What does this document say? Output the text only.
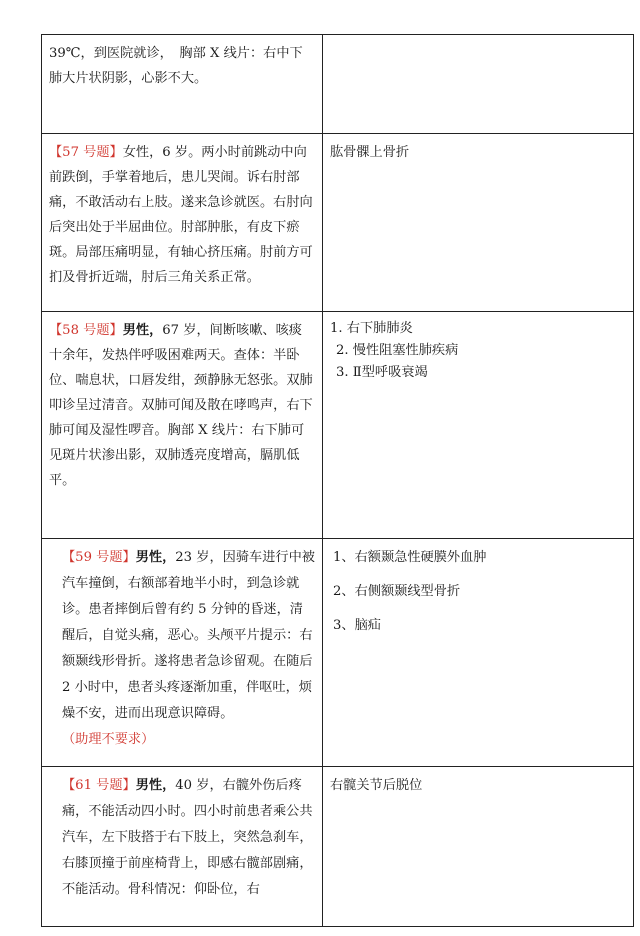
39℃，到医院就诊，　胸部 X 线片：右中下肺大片状阴影，心影不大。	
【57 号题】女性，6 岁。两小时前跳动中向前跌倒，手掌着地后，患儿哭闹。诉右肘部痛，不敢活动右上肢。遂来急诊就医。右肘向后突出处于半屈曲位。肘部肿胀，有皮下瘀斑。局部压痛明显，有轴心挤压痛。肘前方可扪及骨折近端，肘后三角关系正常。	肱骨髁上骨折

【58 号题】男性，67 岁，间断咳嗽、咳痰十余年，发热伴呼吸困难两天。查体：半卧位、喘息状，口唇发绀，颈静脉无怒张。双肺叩诊呈过清音。双肺可闻及散在哮鸣声，右下肺可闻及湿性啰音。胸部 X 线片：右下肺可见斑片状渗出影，双肺透亮度增高，膈肌低平。	1. 右下肺肺炎
2. 慢性阻塞性肺疾病
3. Ⅱ型呼吸衰竭

【59 号题】男性，23 岁，因骑车进行中被汽车撞倒，右额部着地半小时，到急诊就诊。患者摔倒后曾有约 5 分钟的昏迷，清醒后，自觉头痛，恶心。头颅平片提示：右额颞线形骨折。遂将患者急诊留观。在随后 2 小时中，患者头疼逐渐加重，伴呕吐，烦燥不安，进而出现意识障碍。（助理不要求）	1、右额颞急性硬膜外血肿
2、右侧额颞线型骨折
3、脑疝

【61 号题】男性，40 岁，右髋外伤后疼痛，不能活动四小时。四小时前患者乘公共汽车，左下肢搭于右下肢上，突然急刹车，右膝顶撞于前座椅背上，即感右髋部剧痛，不能活动。骨科情况：仰卧位，右	右髋关节后脱位
